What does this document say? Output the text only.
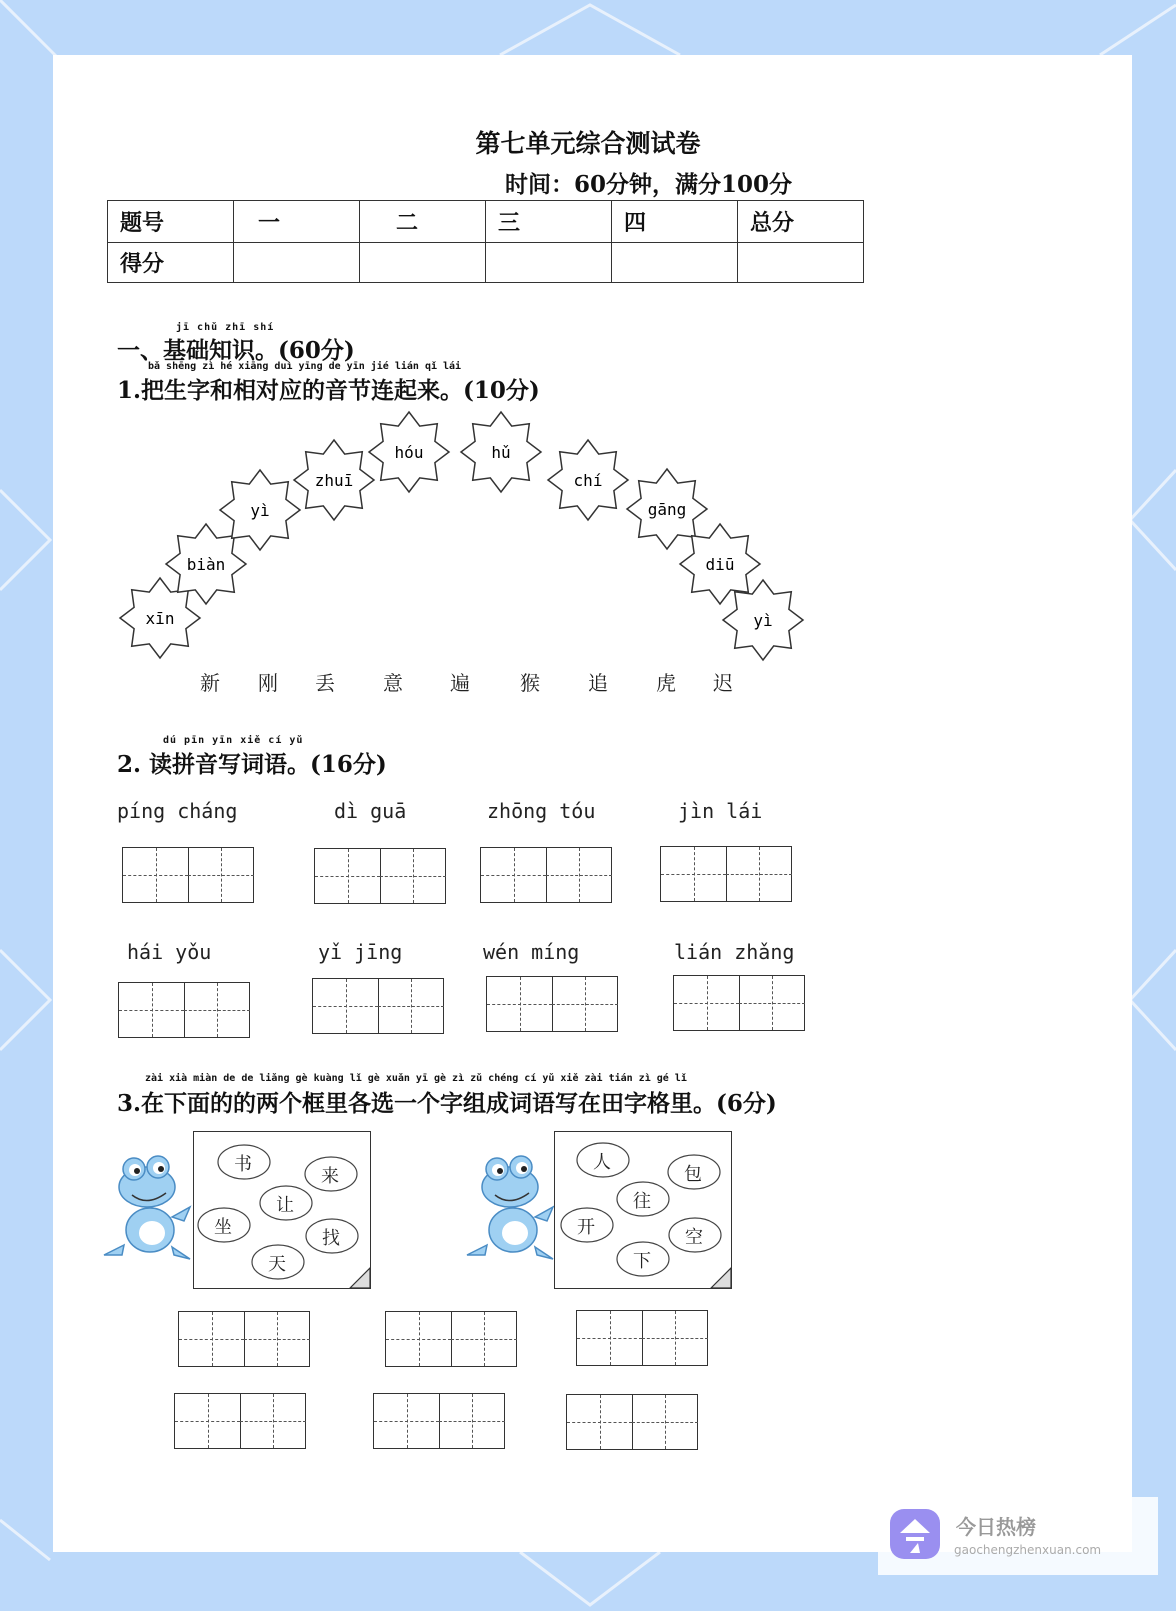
第七单元综合测试卷
时间：60分钟，满分100分
题号	一	二	三	四	总分
得分					
jī chǔ zhī shí
一、基础知识。(60分)
bǎ shēng zì hé xiāng duì yīng de yīn jié lián qǐ lái
1.把生字和相对应的音节连起来。(10分)
xīn
biàn
yì
zhuī
hóu	hǔ
chí
gāng
diū
yì
新 刚 丢 意 遍	猴 追 虎 迟
dú pīn yīn xiě cí yǔ
2. 读拼音写词语。(16分)
píng cháng	dì guā	zhōng tóu	jìn lái
hái yǒu	yǐ jīng	wén míng	lián zhǎng
zài xià miàn de de liǎng gè kuàng lǐ gè xuǎn yī gè zì zǔ chéng cí yǔ xiě zài tián zì gé lǐ
3.在下面的的两个框里各选一个字组成词语写在田字格里。(6分)
书
来
让
坐
找
天
人
包
往
开	空
下
今日热榜
gaochengzhenxuan.com
